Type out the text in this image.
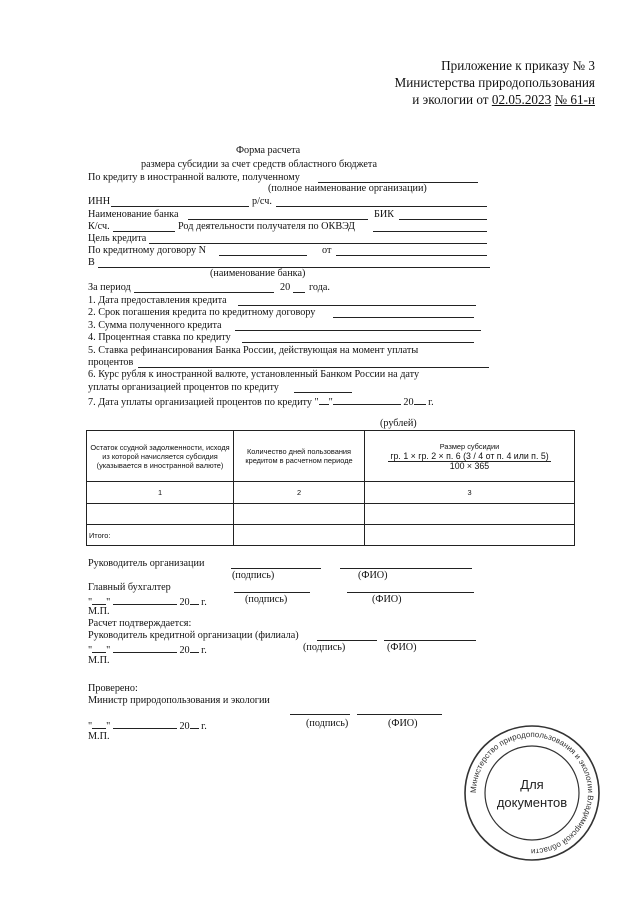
Приложение к приказу № 3
Министерства природопользования
и экологии от 02.05.2023 № 61-н
Форма расчета
размера субсидии за счет средств областного бюджета
По кредиту в иностранной валюте, полученному
(полное наименование организации)
ИНН	р/сч.
Наименование банка	БИК
К/сч.	Род деятельности получателя по ОКВЭД
Цель кредита
По кредитному договору N	от
В
(наименование банка)
За период	20 года.
1. Дата предоставления кредита
2. Срок погашения кредита по кредитному договору
3. Сумма полученного кредита
4. Процентная ставка по кредиту
5. Ставка рефинансирования Банка России, действующая на момент уплаты
процентов
6. Курс рубля к иностранной валюте, установленный Банком России на дату
уплаты организацией процентов по кредиту
7. Дата уплаты организацией процентов по кредиту " "	20 г.
(рублей)
Остаток ссудной задолженности, исходя из которой начисляется субсидия (указывается в иностранной валюте)	Количество дней пользования кредитом в расчетном периоде	Размер субсидии
гр. 1 × гр. 2 × п. 6 (3 / 4 от п. 4 или п. 5)
100 × 365

1	2	3

Итого:		
Руководитель организации
(подпись)	(ФИО)
Главный бухгалтер
" "	20 г.	(подпись)	(ФИО)
М.П.
Расчет подтверждается:
Руководитель кредитной организации (филиала)
" "	20 г.	(подпись)	(ФИО)
М.П.
Проверено:
Министр природопользования и экологии
" "	20 г.	(подпись)	(ФИО)
М.П.
Министерство природопользования и экологии Владимирской области
Для
документов
